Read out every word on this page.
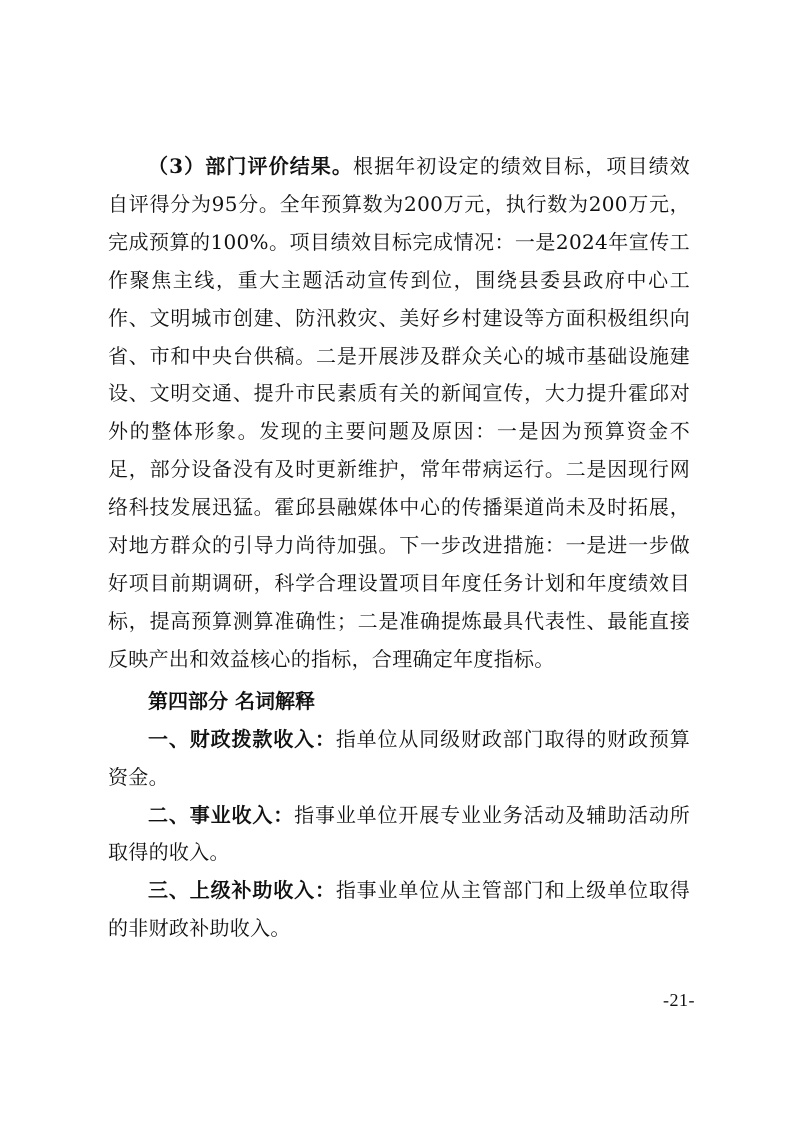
（3）部门评价结果。根据年初设定的绩效目标，项目绩效自评得分为95分。全年预算数为200万元，执行数为200万元，完成预算的100%。项目绩效目标完成情况：一是2024年宣传工作聚焦主线，重大主题活动宣传到位，围绕县委县政府中心工作、文明城市创建、防汛救灾、美好乡村建设等方面积极组织向省、市和中央台供稿。二是开展涉及群众关心的城市基础设施建设、文明交通、提升市民素质有关的新闻宣传，大力提升霍邱对外的整体形象。发现的主要问题及原因：一是因为预算资金不足，部分设备没有及时更新维护，常年带病运行。二是因现行网络科技发展迅猛。霍邱县融媒体中心的传播渠道尚未及时拓展，对地方群众的引导力尚待加强。下一步改进措施：一是进一步做好项目前期调研，科学合理设置项目年度任务计划和年度绩效目标，提高预算测算准确性；二是准确提炼最具代表性、最能直接反映产出和效益核心的指标，合理确定年度指标。

第四部分 名词解释

一、财政拨款收入：指单位从同级财政部门取得的财政预算资金。

二、事业收入：指事业单位开展专业业务活动及辅助活动所取得的收入。

三、上级补助收入：指事业单位从主管部门和上级单位取得的非财政补助收入。

-21-
